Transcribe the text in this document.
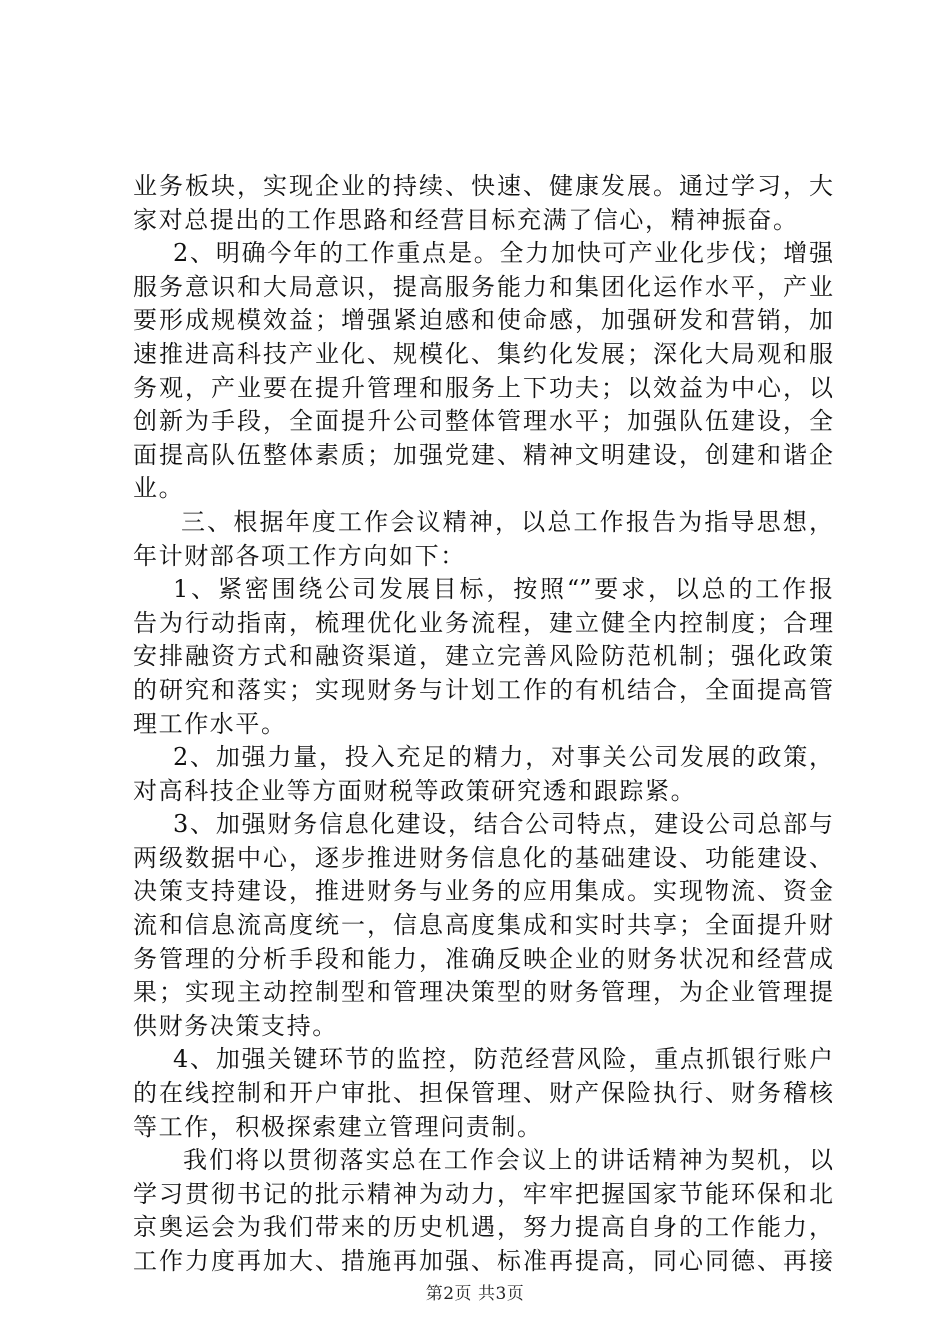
业务板块，实现企业的持续、快速、健康发展。通过学习，大
家对总提出的工作思路和经营目标充满了信心，精神振奋。
2、明确今年的工作重点是。全力加快可产业化步伐；增强
服务意识和大局意识，提高服务能力和集团化运作水平，产业
要形成规模效益；增强紧迫感和使命感，加强研发和营销，加
速推进高科技产业化、规模化、集约化发展；深化大局观和服
务观，产业要在提升管理和服务上下功夫；以效益为中心，以
创新为手段，全面提升公司整体管理水平；加强队伍建设，全
面提高队伍整体素质；加强党建、精神文明建设，创建和谐企
业。
三、根据年度工作会议精神，以总工作报告为指导思想，
年计财部各项工作方向如下：
1、紧密围绕公司发展目标，按照“”要求，以总的工作报
告为行动指南，梳理优化业务流程，建立健全内控制度；合理
安排融资方式和融资渠道，建立完善风险防范机制；强化政策
的研究和落实；实现财务与计划工作的有机结合，全面提高管
理工作水平。
2、加强力量，投入充足的精力，对事关公司发展的政策，
对高科技企业等方面财税等政策研究透和跟踪紧。
3、加强财务信息化建设，结合公司特点，建设公司总部与
两级数据中心，逐步推进财务信息化的基础建设、功能建设、
决策支持建设，推进财务与业务的应用集成。实现物流、资金
流和信息流高度统一，信息高度集成和实时共享；全面提升财
务管理的分析手段和能力，准确反映企业的财务状况和经营成
果；实现主动控制型和管理决策型的财务管理，为企业管理提
供财务决策支持。
4、加强关键环节的监控，防范经营风险，重点抓银行账户
的在线控制和开户审批、担保管理、财产保险执行、财务稽核
等工作，积极探索建立管理问责制。
我们将以贯彻落实总在工作会议上的讲话精神为契机，以
学习贯彻书记的批示精神为动力，牢牢把握国家节能环保和北
京奥运会为我们带来的历史机遇，努力提高自身的工作能力，
工作力度再加大、措施再加强、标准再提高，同心同德、再接
第2页 共3页
